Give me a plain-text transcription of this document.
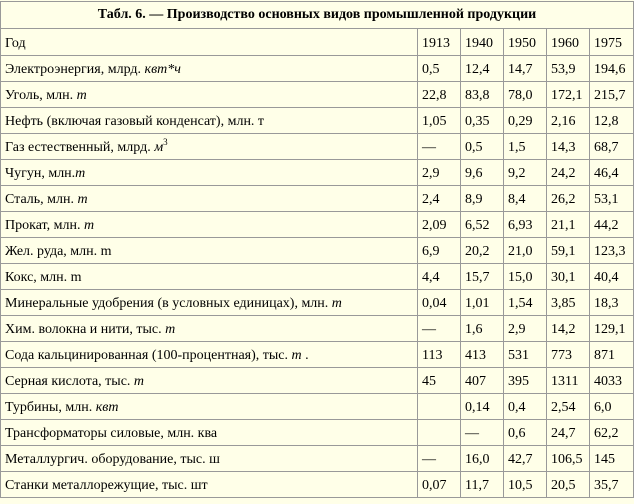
Табл. 6. — Производство основных видов промышленной продукции					
Год	1913	1940	1950	1960	1975
Электроэнергия, млрд. квт*ч	0,5	12,4	14,7	53,9	194,6
Уголь, млн. т	22,8	83,8	78,0	172,1	215,7
Нефть (включая газовый конденсат), млн. т	1,05	0,35	0,29	2,16	12,8
Газ естественный, млрд. $м^3$	—	0,5	1,5	14,3	68,7
Чугун, млн.т	2,9	9,6	9,2	24,2	46,4
Сталь, млн. т	2,4	8,9	8,4	26,2	53,1
Прокат, млн. т	2,09	6,52	6,93	21,1	44,2
Жел. руда, млн. m	6,9	20,2	21,0	59,1	123,3
Кокс, млн. m	4,4	15,7	15,0	30,1	40,4
Минеральные удобрения (в условных единицах), млн. т	0,04	1,01	1,54	3,85	18,3
Хим. волокна и нити, тыс. т	—	1,6	2,9	14,2	129,1
Сода кальцинированная (100-процентная), тыс. т .	113	413	531	773	871
Серная кислота, тыс. т	45	407	395	1311	4033
Турбины, млн. квт		0,14	0,4	2,54	6,0
Трансформаторы силовые, млн. ква		—	0,6	24,7	62,2
Металлургич. оборудование, тыс. ш	—	16,0	42,7	106,5	145
Станки металлорежущие, тыс. шт	0,07	11,7	10,5	20,5	35,7
